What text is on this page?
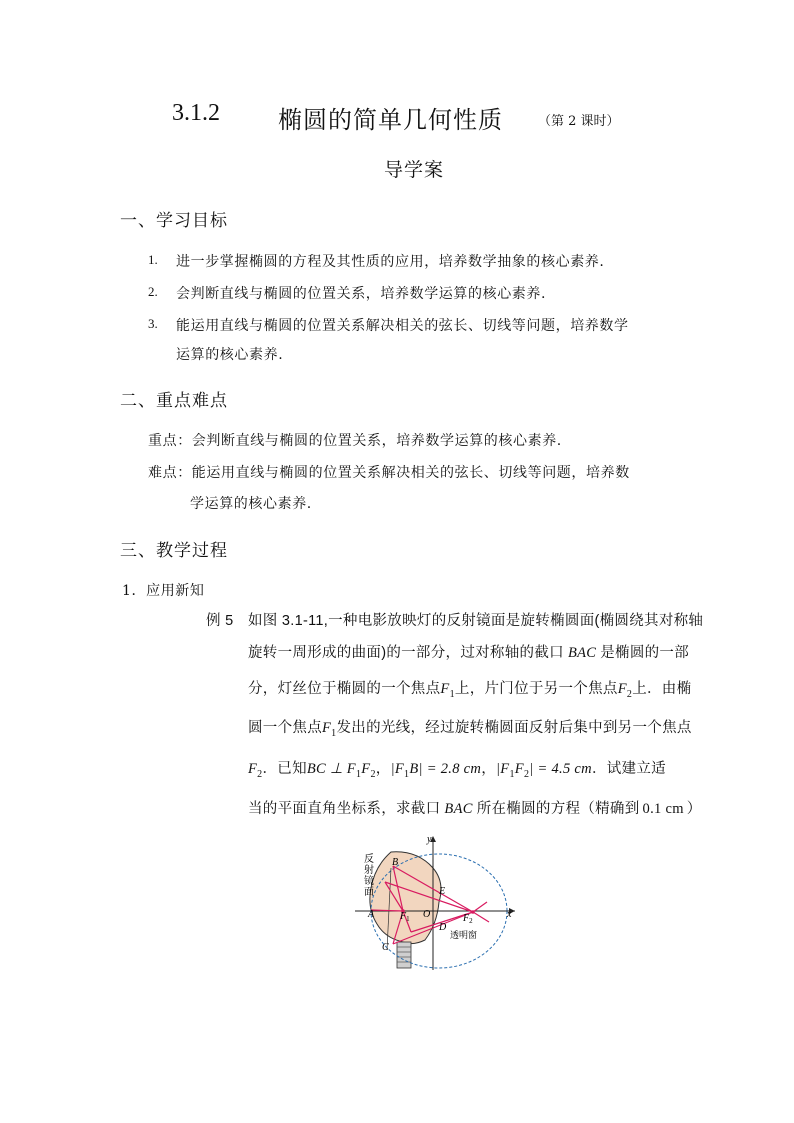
3.1.2 椭圆的简单几何性质	（第 2 课时）
导学案
一、学习目标
1. 进一步掌握椭圆的方程及其性质的应用，培养数学抽象的核心素养.
2. 会判断直线与椭圆的位置关系，培养数学运算的核心素养.
3. 能运用直线与椭圆的位置关系解决相关的弦长、切线等问题，培养数学
运算的核心素养.
二、重点难点
重点：会判断直线与椭圆的位置关系，培养数学运算的核心素养.
难点：能运用直线与椭圆的位置关系解决相关的弦长、切线等问题，培养数
学运算的核心素养.
三、教学过程
1．应用新知
例 5 如图 3.1-11,一种电影放映灯的反射镜面是旋转椭圆面(椭圆绕其对称轴
旋转一周形成的曲面)的一部分，过对称轴的截口 BAC 是椭圆的一部
分，灯丝位于椭圆的一个焦点$F_1$上，片门位于另一个焦点$F_2$上．由椭
圆一个焦点$F_1$发出的光线，经过旋转椭圆面反射后集中到另一个焦点
$F_2$．已知BC ⊥ $F_1F_2$，$|F_1B| = 2.8$ cm，$|F_1F_2| = 4.5$ cm．试建立适
当的平面直角坐标系，求截口 BAC 所在椭圆的方程（精确到 0.1 cm ）
反
射
镜
面
B
A
C
E
D
$F_1$ O	$F_2$
x
y
透明窗
